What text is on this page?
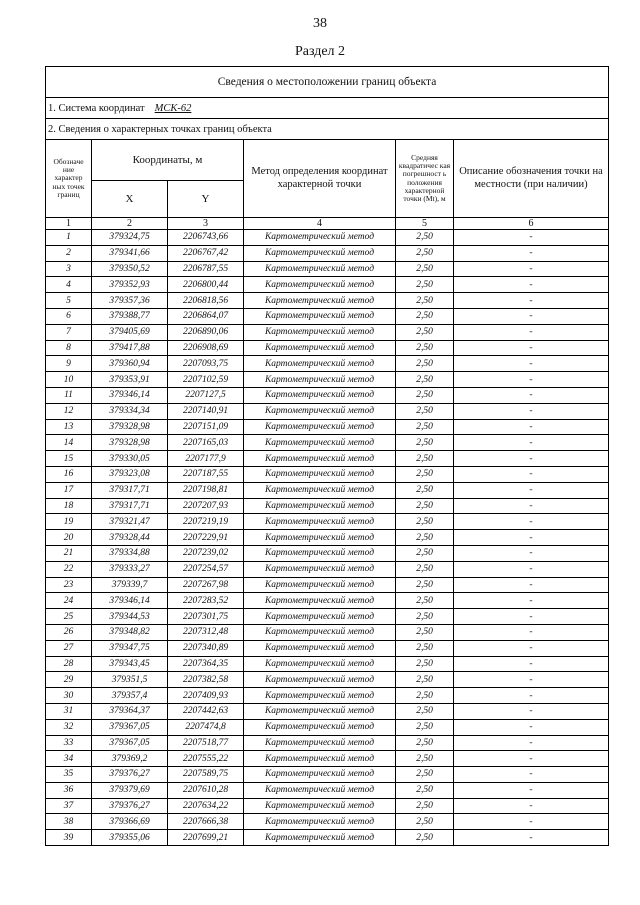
38
Раздел 2
Сведения о местоположении границ объекта					
1. Система координат МСК-62					
2. Сведения о характерных точках границ объекта					
Обозначе ние характер ных точек границ	Координаты, м		Метод определения координат характерной точки	Средняя квадратичес кая погрешност ь положения характерной точки (Mt), м	Описание обозначения точки на местности (при наличии)
	X	Y			
1	2	3	4	5	6
1	379324,75	2206743,66	Картометрический метод	2,50	-
2	379341,66	2206767,42	Картометрический метод	2,50	-
3	379350,52	2206787,55	Картометрический метод	2,50	-
4	379352,93	2206800,44	Картометрический метод	2,50	-
5	379357,36	2206818,56	Картометрический метод	2,50	-
6	379388,77	2206864,07	Картометрический метод	2,50	-
7	379405,69	2206890,06	Картометрический метод	2,50	-
8	379417,88	2206908,69	Картометрический метод	2,50	-
9	379360,94	2207093,75	Картометрический метод	2,50	-
10	379353,91	2207102,59	Картометрический метод	2,50	-
11	379346,14	2207127,5	Картометрический метод	2,50	-
12	379334,34	2207140,91	Картометрический метод	2,50	-
13	379328,98	2207151,09	Картометрический метод	2,50	-
14	379328,98	2207165,03	Картометрический метод	2,50	-
15	379330,05	2207177,9	Картометрический метод	2,50	-
16	379323,08	2207187,55	Картометрический метод	2,50	-
17	379317,71	2207198,81	Картометрический метод	2,50	-
18	379317,71	2207207,93	Картометрический метод	2,50	-
19	379321,47	2207219,19	Картометрический метод	2,50	-
20	379328,44	2207229,91	Картометрический метод	2,50	-
21	379334,88	2207239,02	Картометрический метод	2,50	-
22	379333,27	2207254,57	Картометрический метод	2,50	-
23	379339,7	2207267,98	Картометрический метод	2,50	-
24	379346,14	2207283,52	Картометрический метод	2,50	-
25	379344,53	2207301,75	Картометрический метод	2,50	-
26	379348,82	2207312,48	Картометрический метод	2,50	-
27	379347,75	2207340,89	Картометрический метод	2,50	-
28	379343,45	2207364,35	Картометрический метод	2,50	-
29	379351,5	2207382,58	Картометрический метод	2,50	-
30	379357,4	2207409,93	Картометрический метод	2,50	-
31	379364,37	2207442,63	Картометрический метод	2,50	-
32	379367,05	2207474,8	Картометрический метод	2,50	-
33	379367,05	2207518,77	Картометрический метод	2,50	-
34	379369,2	2207555,22	Картометрический метод	2,50	-
35	379376,27	2207589,75	Картометрический метод	2,50	-
36	379379,69	2207610,28	Картометрический метод	2,50	-
37	379376,27	2207634,22	Картометрический метод	2,50	-
38	379366,69	2207666,38	Картометрический метод	2,50	-
39	379355,06	2207699,21	Картометрический метод	2,50	-
